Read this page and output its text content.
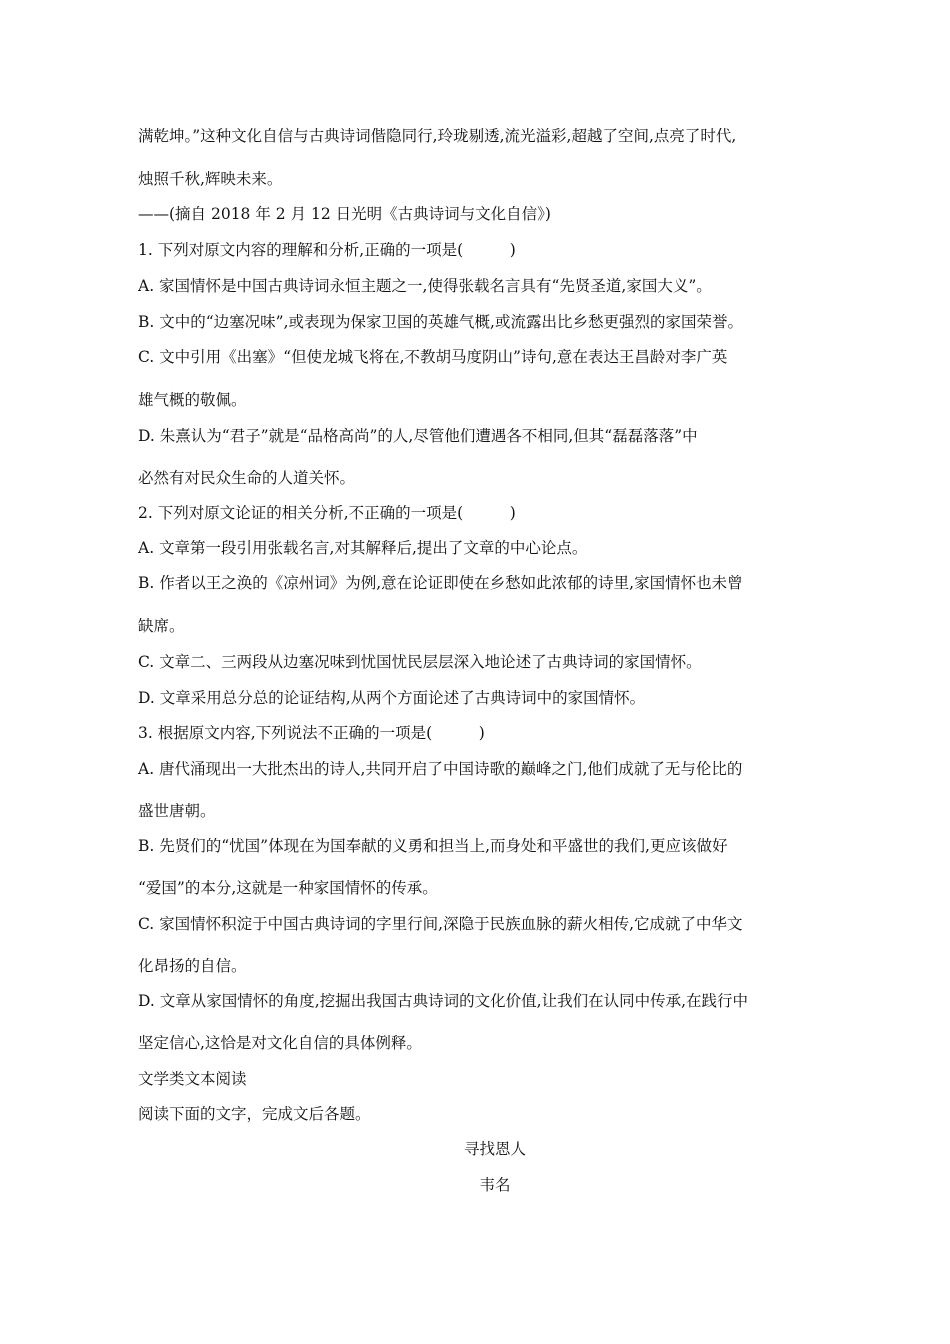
满乾坤。”这种文化自信与古典诗词偕隐同行,玲珑剔透,流光溢彩,超越了空间,点亮了时代,
烛照千秋,辉映未来。
——(摘自 2018 年 2 月 12 日光明《古典诗词与文化自信》)
1. 下列对原文内容的理解和分析,正确的一项是(　　　)
A. 家国情怀是中国古典诗词永恒主题之一,使得张载名言具有“先贤圣道,家国大义”。
B. 文中的“边塞况味”,或表现为保家卫国的英雄气概,或流露出比乡愁更强烈的家国荣誉。
C. 文中引用《出塞》“但使龙城飞将在,不教胡马度阴山”诗句,意在表达王昌龄对李广英
雄气概的敬佩。
D. 朱熹认为“君子”就是“品格高尚”的人,尽管他们遭遇各不相同,但其“磊磊落落”中
必然有对民众生命的人道关怀。
2. 下列对原文论证的相关分析,不正确的一项是(　　　)
A. 文章第一段引用张载名言,对其解释后,提出了文章的中心论点。
B. 作者以王之涣的《凉州词》为例,意在论证即使在乡愁如此浓郁的诗里,家国情怀也未曾
缺席。
C. 文章二、三两段从边塞况味到忧国忧民层层深入地论述了古典诗词的家国情怀。
D. 文章采用总分总的论证结构,从两个方面论述了古典诗词中的家国情怀。
3. 根据原文内容,下列说法不正确的一项是(　　　)
A. 唐代涌现出一大批杰出的诗人,共同开启了中国诗歌的巅峰之门,他们成就了无与伦比的
盛世唐朝。
B. 先贤们的“忧国”体现在为国奉献的义勇和担当上,而身处和平盛世的我们,更应该做好
“爱国”的本分,这就是一种家国情怀的传承。
C. 家国情怀积淀于中国古典诗词的字里行间,深隐于民族血脉的薪火相传,它成就了中华文
化昂扬的自信。
D. 文章从家国情怀的角度,挖掘出我国古典诗词的文化价值,让我们在认同中传承,在践行中
坚定信心,这恰是对文化自信的具体例释。
文学类文本阅读
阅读下面的文字，完成文后各题。
寻找恩人
韦名
